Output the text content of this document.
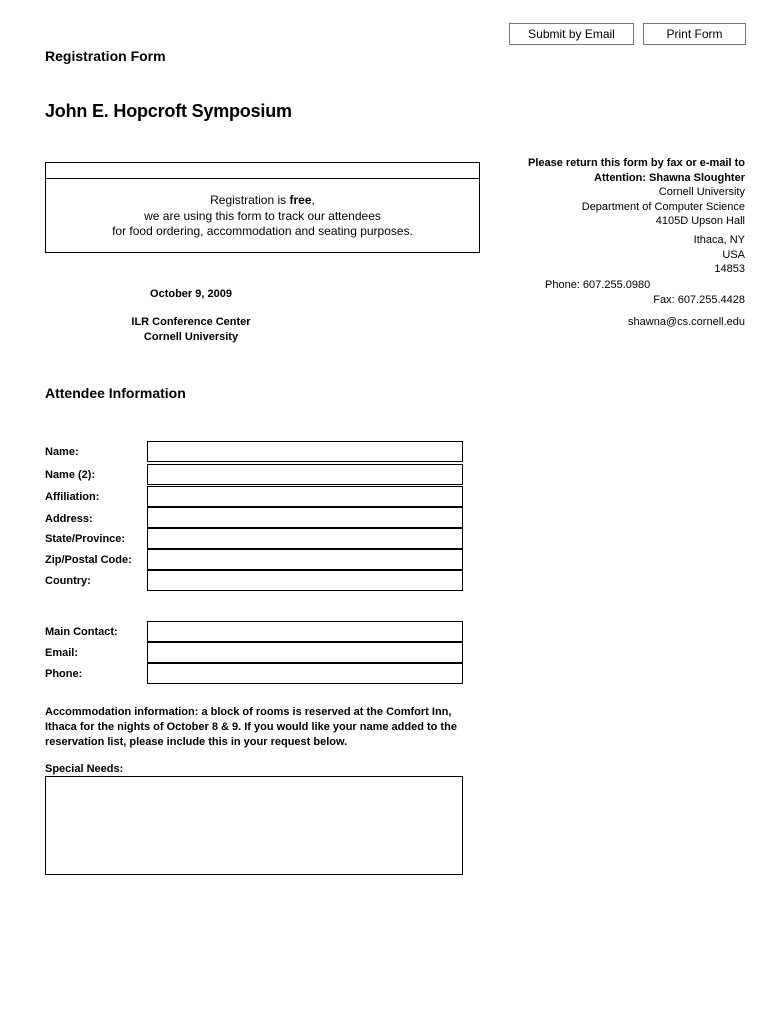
Submit by Email	Print Form
Registration Form
John E. Hopcroft Symposium
Registration is free,
we are using this form to track our attendees
for food ordering, accommodation and seating purposes.
October 9, 2009
ILR Conference Center
Cornell University
Please return this form by fax or e-mail to
Attention: Shawna Sloughter
Cornell University
Department of Computer Science
4105D Upson Hall
Ithaca, NY
USA
14853
Phone: 607.255.0980
Fax: 607.255.4428
shawna@cs.cornell.edu
Attendee Information
Name:
Name (2):
Affiliation:
Address:
State/Province:
Zip/Postal Code:
Country:
Main Contact:
Email:
Phone:
Accommodation information: a block of rooms is reserved at the Comfort Inn, Ithaca for the nights of October 8 & 9. If you would like your name added to the reservation list, please include this in your request below.
Special Needs:
